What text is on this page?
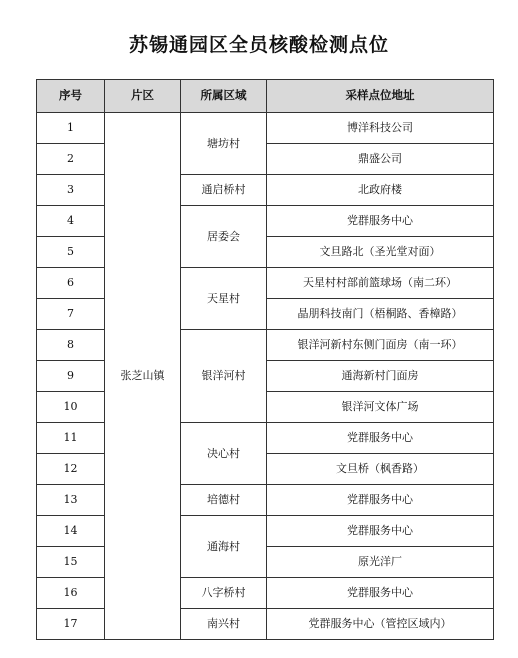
苏锡通园区全员核酸检测点位
序号	片区	所属区域	采样点位地址
1	张芝山镇	塘坊村	博洋科技公司
2			鼎盛公司
3		通启桥村	北政府楼
4		居委会	党群服务中心
5			文旦路北（圣光堂对面）
6		天星村	天星村村部前篮球场（南二环）
7			晶朋科技南门（梧桐路、香樟路）
8		银洋河村	银洋河新村东侧门面房（南一环）
9			通海新村门面房
10			银洋河文体广场
11		决心村	党群服务中心
12			文旦桥（枫香路）
13		培德村	党群服务中心
14		通海村	党群服务中心
15			原光洋厂
16		八字桥村	党群服务中心
17		南兴村	党群服务中心（管控区域内）
